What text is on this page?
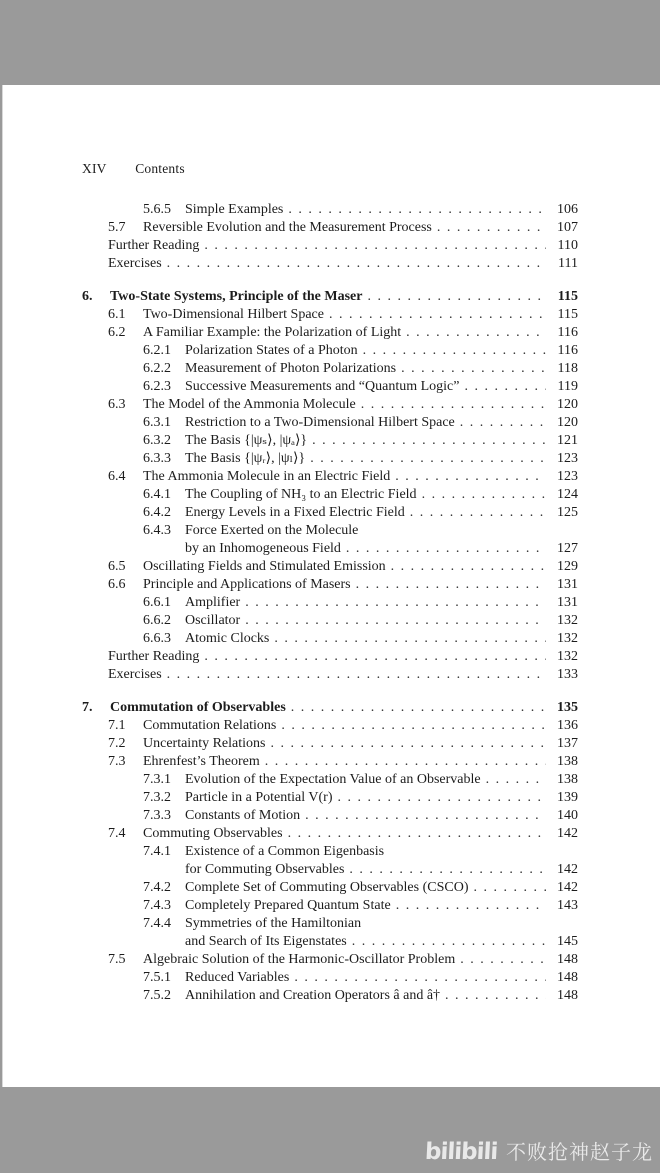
XIV Contents
5.6.5	Simple Examples . . .	106
5.7	Reversible Evolution and the Measurement Process . . .	107
Further Reading . . .	110
Exercises . . .	111
6.	Two-State Systems, Principle of the Maser . . .	115
6.1	Two-Dimensional Hilbert Space . . .	115
6.2	A Familiar Example: the Polarization of Light . . .	116
6.2.1	Polarization States of a Photon . . .	116
6.2.2	Measurement of Photon Polarizations . . .	118
6.2.3	Successive Measurements and “Quantum Logic” . . .	119
6.3	The Model of the Ammonia Molecule . . .	120
6.3.1	Restriction to a Two-Dimensional Hilbert Space . . .	120
6.3.2	The Basis {|ψₛ⟩, |ψₐ⟩} . . .	121
6.3.3	The Basis {|ψᵣ⟩, |ψₗ⟩} . . .	123
6.4	The Ammonia Molecule in an Electric Field . . .	123
6.4.1	The Coupling of NH₃ to an Electric Field . . .	124
6.4.2	Energy Levels in a Fixed Electric Field . . .	125
6.4.3	Force Exerted on the Molecule
by an Inhomogeneous Field . . .	127
6.5	Oscillating Fields and Stimulated Emission . . .	129
6.6	Principle and Applications of Masers . . .	131
6.6.1	Amplifier . . .	131
6.6.2	Oscillator . . .	132
6.6.3	Atomic Clocks . . .	132
Further Reading . . .	132
Exercises . . .	133
7.	Commutation of Observables . . .	135
7.1	Commutation Relations . . .	136
7.2	Uncertainty Relations . . .	137
7.3	Ehrenfest’s Theorem . . .	138
7.3.1	Evolution of the Expectation Value of an Observable . . .	138
7.3.2	Particle in a Potential V(r) . . .	139
7.3.3	Constants of Motion . . .	140
7.4	Commuting Observables . . .	142
7.4.1	Existence of a Common Eigenbasis
for Commuting Observables . . .	142
7.4.2	Complete Set of Commuting Observables (CSCO) . . .	142
7.4.3	Completely Prepared Quantum State . . .	143
7.4.4	Symmetries of the Hamiltonian
and Search of Its Eigenstates . . .	145
7.5	Algebraic Solution of the Harmonic-Oscillator Problem . . .	148
7.5.1	Reduced Variables . . .	148
7.5.2	Annihilation and Creation Operators â and â† . . .	148
bilibili 不败抢神赵子龙
